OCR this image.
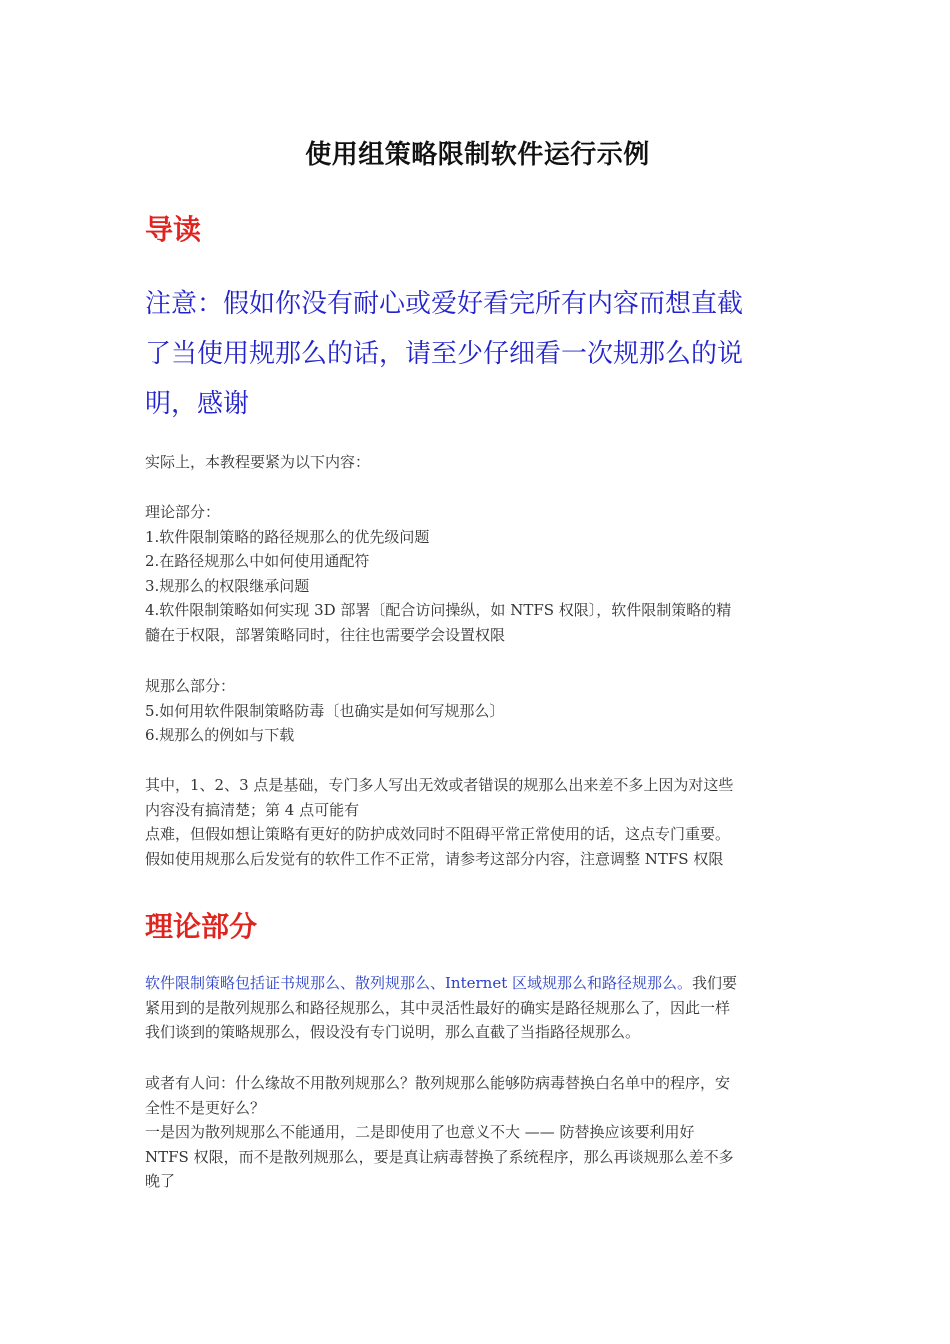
使用组策略限制软件运行示例
导读
注意：假如你没有耐心或爱好看完所有内容而想直截
了当使用规那么的话，请至少仔细看一次规那么的说
明，感谢
实际上，本教程要紧为以下内容：
理论部分：
1.软件限制策略的路径规那么的优先级问题
2.在路径规那么中如何使用通配符
3.规那么的权限继承问题
4.软件限制策略如何实现 3D 部署〔配合访问操纵，如 NTFS 权限〕，软件限制策略的精
髓在于权限，部署策略同时，往往也需要学会设置权限
规那么部分：
5.如何用软件限制策略防毒〔也确实是如何写规那么〕
6.规那么的例如与下载
其中，1、2、3 点是基础，专门多人写出无效或者错误的规那么出来差不多上因为对这些
内容没有搞清楚；第 4 点可能有
点难，但假如想让策略有更好的防护成效同时不阻碍平常正常使用的话，这点专门重要。
假如使用规那么后发觉有的软件工作不正常，请参考这部分内容，注意调整 NTFS 权限
理论部分
软件限制策略包括证书规那么、散列规那么、Internet 区域规那么和路径规那么。我们要
紧用到的是散列规那么和路径规那么，其中灵活性最好的确实是路径规那么了，因此一样
我们谈到的策略规那么，假设没有专门说明，那么直截了当指路径规那么。
或者有人问：什么缘故不用散列规那么？散列规那么能够防病毒替换白名单中的程序，安
全性不是更好么？
一是因为散列规那么不能通用，二是即使用了也意义不大 —— 防替换应该要利用好
NTFS 权限，而不是散列规那么，要是真让病毒替换了系统程序，那么再谈规那么差不多
晚了
